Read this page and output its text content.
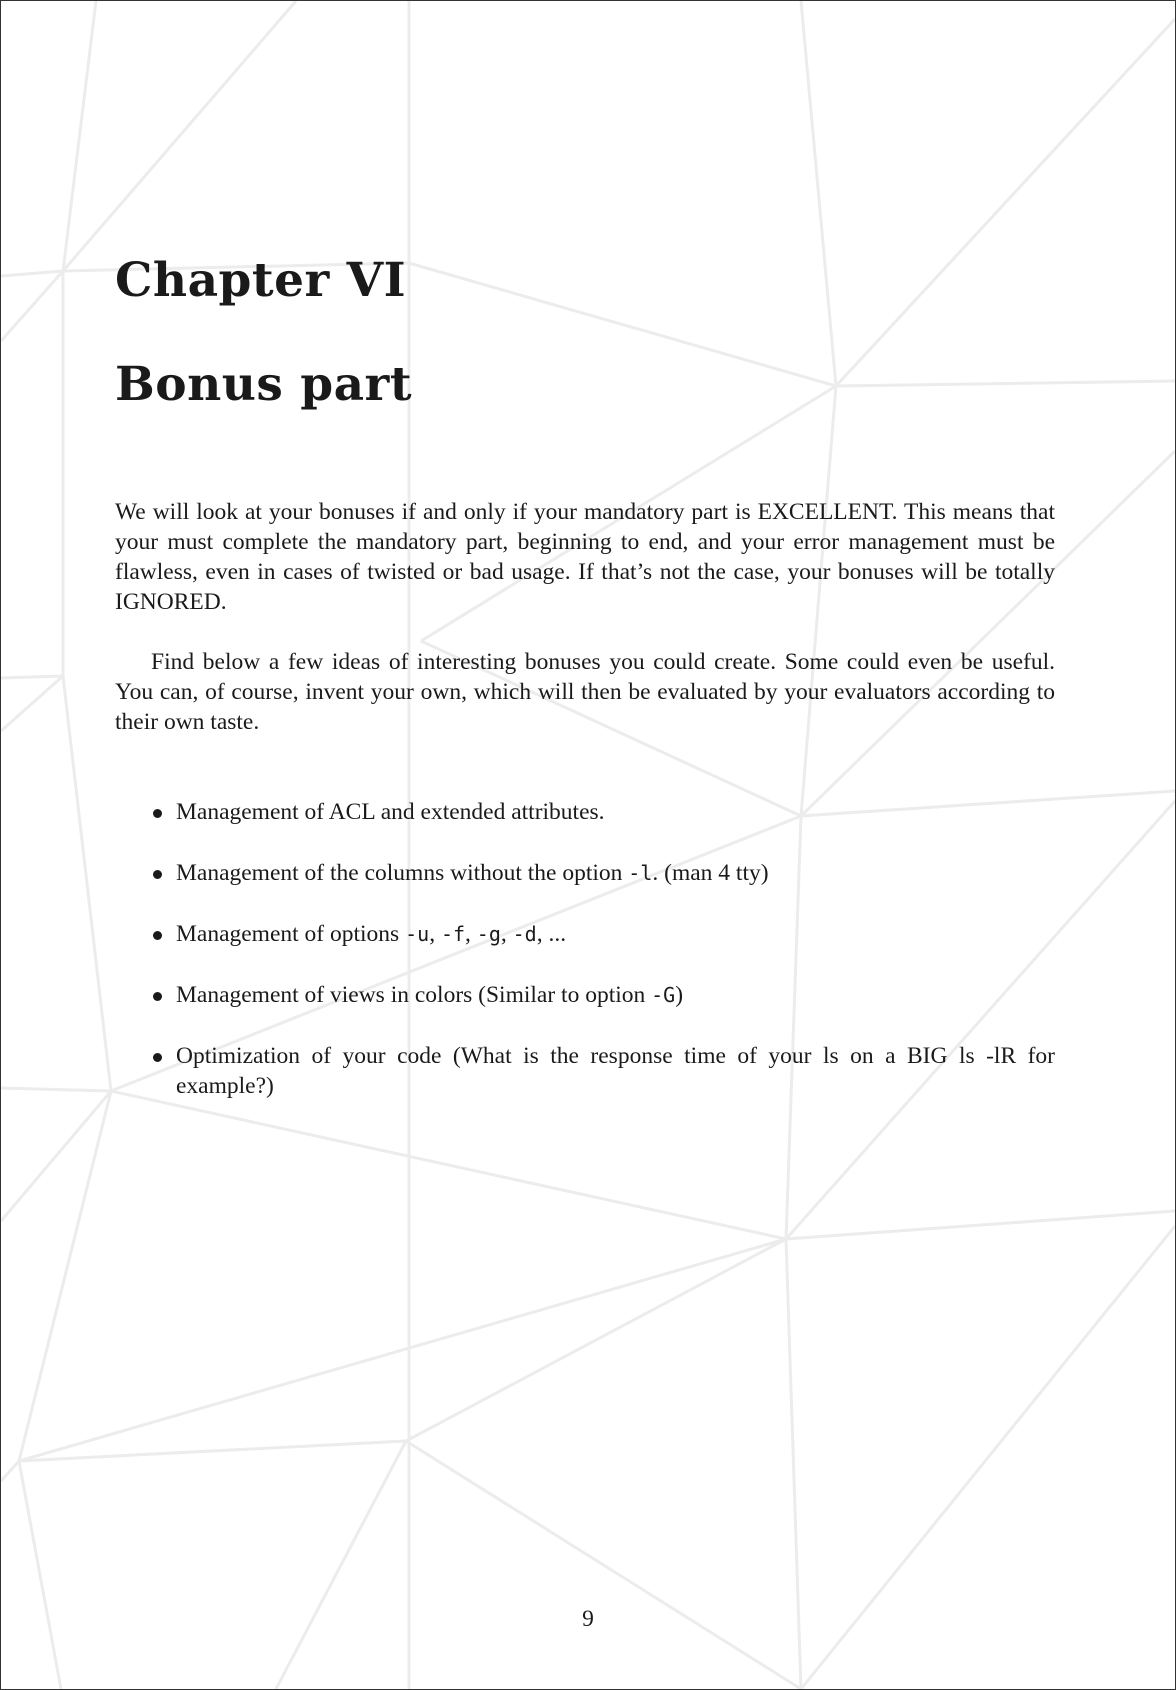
Chapter VI
Bonus part

We will look at your bonuses if and only if your mandatory part is EXCELLENT. This means that your must complete the mandatory part, beginning to end, and your error management must be flawless, even in cases of twisted or bad usage. If that’s not the case, your bonuses will be totally IGNORED.

Find below a few ideas of interesting bonuses you could create. Some could even be useful. You can, of course, invent your own, which will then be evaluated by your evaluators according to their own taste.

Management of ACL and extended attributes.
Management of the columns without the option -l. (man 4 tty)
Management of options -u, -f, -g, -d, ...
Management of views in colors (Similar to option -G)
Optimization of your code (What is the response time of your ls on a BIG ls -lR for example?)
9
